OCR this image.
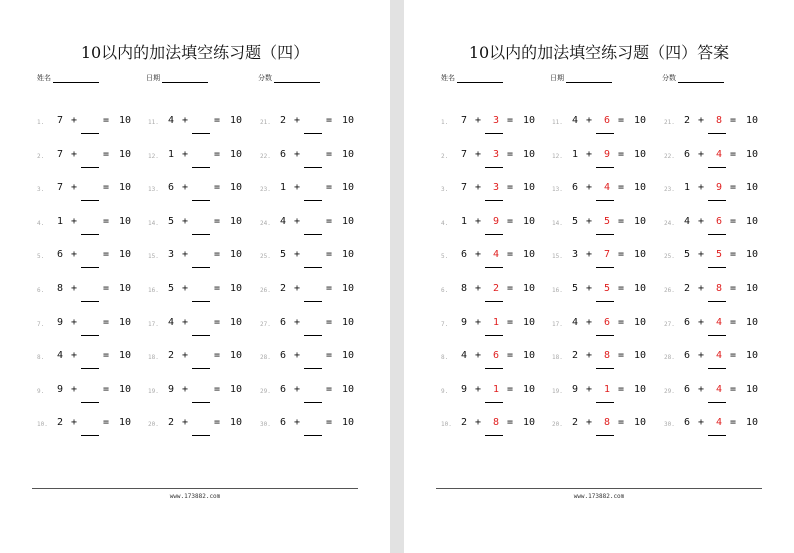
10以内的加法填空练习题（四）
姓名	日期	分数
1. 7 +	= 10
2. 7 +	= 10
3. 7 +	= 10
4. 1 +	= 10
5. 6 +	= 10
6. 8 +	= 10
7. 9 +	= 10
8. 4 +	= 10
9. 9 +	= 10
10. 2 +	= 10
11. 4 +	= 10
12. 1 +	= 10
13. 6 +	= 10
14. 5 +	= 10
15. 3 +	= 10
16. 5 +	= 10
17. 4 +	= 10
18. 2 +	= 10
19. 9 +	= 10
20. 2 +	= 10
21. 2 +	= 10
22. 6 +	= 10
23. 1 +	= 10
24. 4 +	= 10
25. 5 +	= 10
26. 2 +	= 10
27. 6 +	= 10
28. 6 +	= 10
29. 6 +	= 10
30. 6 +	= 10
www.173882.com
10以内的加法填空练习题（四）答案
姓名	日期	分数
1. 7 +	= 10
3
2. 7 +	= 10
3
3. 7 +	= 10
3
4. 1 +	= 10
9
5. 6 +	= 10
4
6. 8 +	= 10
2
7. 9 +	= 10
1
8. 4 +	= 10
6
9. 9 +	= 10
1
10. 2 +	= 10
8
11. 4 +	= 10
6
12. 1 +	= 10
9
13. 6 +	= 10
4
14. 5 +	= 10
5
15. 3 +	= 10
7
16. 5 +	= 10
5
17. 4 +	= 10
6
18. 2 +	= 10
8
19. 9 +	= 10
1
20. 2 +	= 10
8
21. 2 +	= 10
8
22. 6 +	= 10
4
23. 1 +	= 10
9
24. 4 +	= 10
6
25. 5 +	= 10
5
26. 2 +	= 10
8
27. 6 +	= 10
4
28. 6 +	= 10
4
29. 6 +	= 10
4
30. 6 +	= 10
4
www.173882.com
